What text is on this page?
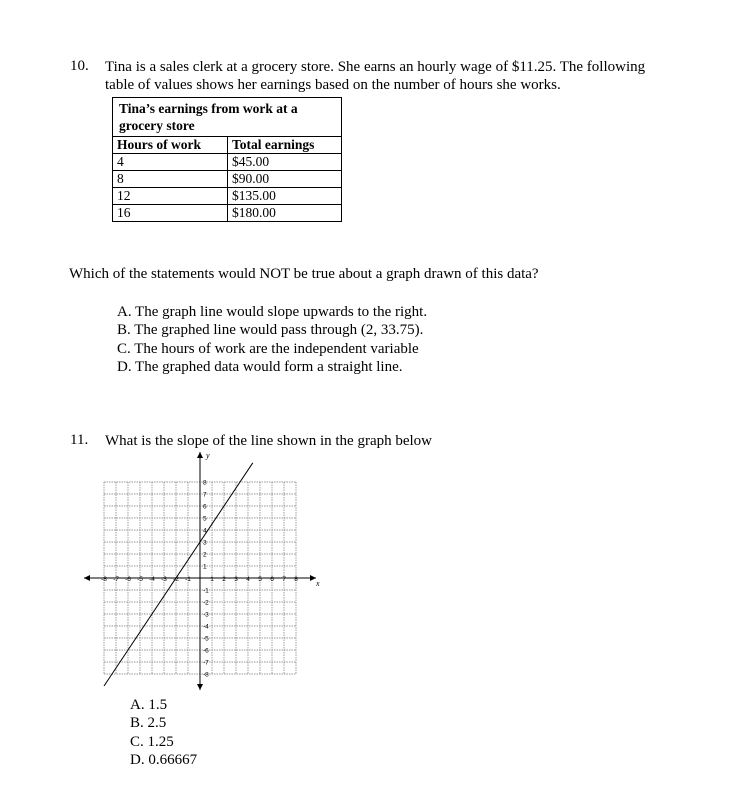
10. Tina is a sales clerk at a grocery store. She earns an hourly wage of $11.25. The following
table of values shows her earnings based on the number of hours she works.
Tina’s earnings from work at a
grocery store	
Hours of work	Total earnings
4	$45.00
8	$90.00
12	$135.00
16	$180.00
Which of the statements would NOT be true about a graph drawn of this data?
A. The graph line would slope upwards to the right.
B. The graphed line would pass through (2, 33.75).
C. The hours of work are the independent variable
D. The graphed data would form a straight line.
11. What is the slope of the line shown in the graph below
-8
-8
-7
-7
-6
-6
-5
-5
-4
-4
-3
-3
-2
-2
-1
-1
1
1
2
2
3
3
4
4
5
5
6
6
7
7
8
8
x
y
A. 1.5
B. 2.5
C. 1.25
D. 0.66667
